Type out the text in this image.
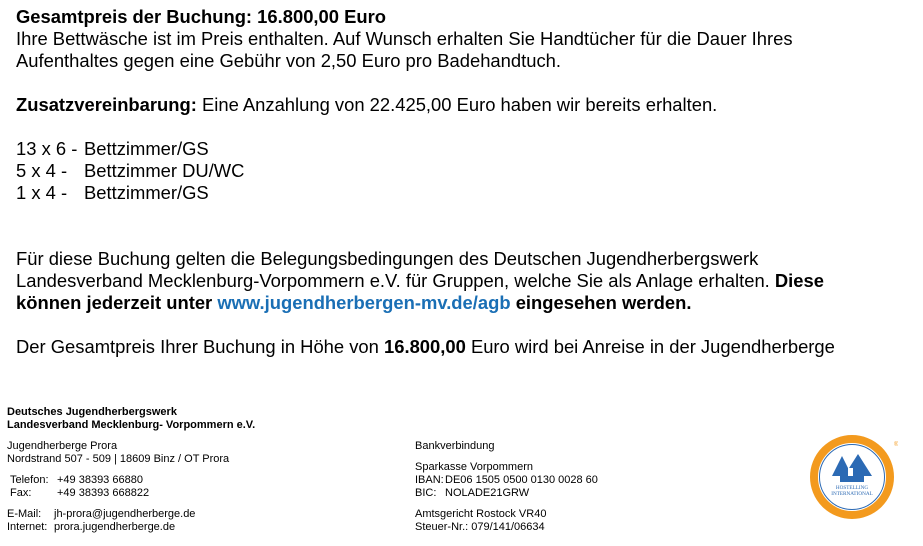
Gesamtpreis der Buchung: 16.800,00 Euro

Ihre Bettwäsche ist im Preis enthalten. Auf Wunsch erhalten Sie Handtücher für die Dauer Ihres

Aufenthaltes gegen eine Gebühr von 2,50 Euro pro Badehandtuch.

Zusatzvereinbarung: Eine Anzahlung von 22.425,00 Euro haben wir bereits erhalten.

13 x 6 - Bettzimmer/GS

5 x 4 - Bettzimmer DU/WC

1 x 4 - Bettzimmer/GS

Für diese Buchung gelten die Belegungsbedingungen des Deutschen Jugendherbergswerk

Landesverband Mecklenburg-Vorpommern e.V. für Gruppen, welche Sie als Anlage erhalten. Diese

können jederzeit unter www.jugendherbergen-mv.de/agb eingesehen werden.

Der Gesamtpreis Ihrer Buchung in Höhe von 16.800,00 Euro wird bei Anreise in der Jugendherberge

Deutsches Jugendherbergswerk

Landesverband Mecklenburg- Vorpommern e.V.

Jugendherberge Prora

Nordstrand 507 - 509 | 18609 Binz / OT Prora

Telefon: +49 38393 66880

Fax:	+49 38393 668822

E-Mail:	jh-prora@jugendherberge.de

Internet: prora.jugendherberge.de

Bankverbindung

Sparkasse Vorpommern

IBAN: DE06 1505 0500 0130 0028 60

BIC: NOLADE21GRW

Amtsgericht Rostock VR40

Steuer-Nr.: 079/141/06634

HOSTELLING
INTERNATIONAL
®
